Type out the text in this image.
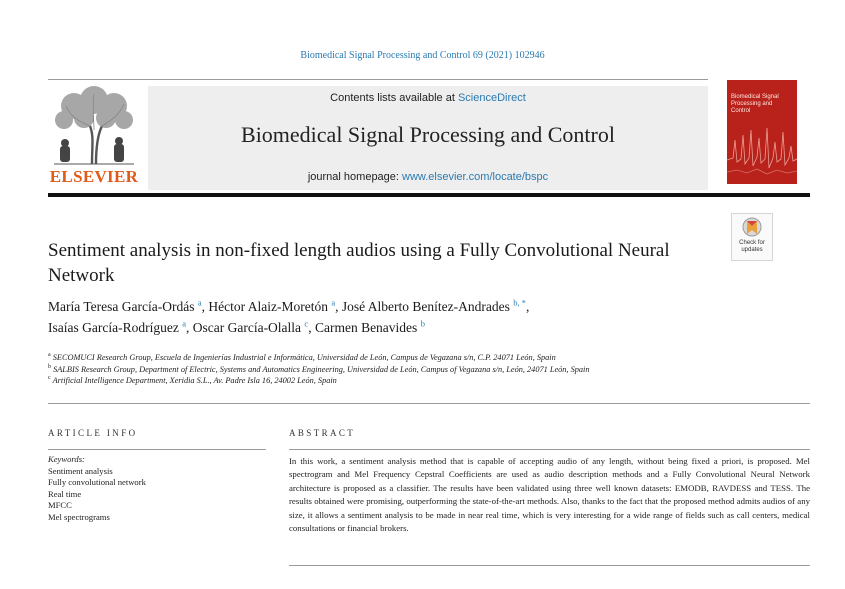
Biomedical Signal Processing and Control 69 (2021) 102946
ELSEVIER
Contents lists available at ScienceDirect
Biomedical Signal Processing and Control
journal homepage: www.elsevier.com/locate/bspc
Biomedical Signal Processing and Control
Check for
updates
Sentiment analysis in non-fixed length audios using a Fully Convolutional Neural Network
María Teresa García-Ordás $^a$, Héctor Alaiz-Moretón $^a$, José Alberto Benítez-Andrades $^{b, *}$,
Isaías García-Rodríguez $^a$, Oscar García-Olalla $^c$, Carmen Benavides $^b$
$^a$ SECOMUCI Research Group, Escuela de Ingenierías Industrial e Informática, Universidad de León, Campus de Vegazana s/n, C.P. 24071 León, Spain
$^b$ SALBIS Research Group, Department of Electric, Systems and Automatics Engineering, Universidad de León, Campus of Vegazana s/n, León, 24071 León, Spain
$^c$ Artificial Intelligence Department, Xeridia S.L., Av. Padre Isla 16, 24002 León, Spain
ARTICLE INFO
Keywords:
Sentiment analysis
Fully convolutional network
Real time
MFCC
Mel spectrograms
ABSTRACT
In this work, a sentiment analysis method that is capable of accepting audio of any length, without being fixed a priori, is proposed. Mel spectrogram and Mel Frequency Cepstral Coefficients are used as audio description methods and a Fully Convolutional Neural Network architecture is proposed as a classifier. The results have been validated using three well known datasets: EMODB, RAVDESS and TESS. The results obtained were promising, outperforming the state-of-the-art methods. Also, thanks to the fact that the proposed method admits audios of any size, it allows a sentiment analysis to be made in near real time, which is very interesting for a wide range of fields such as call centers, medical consultations or financial brokers.
